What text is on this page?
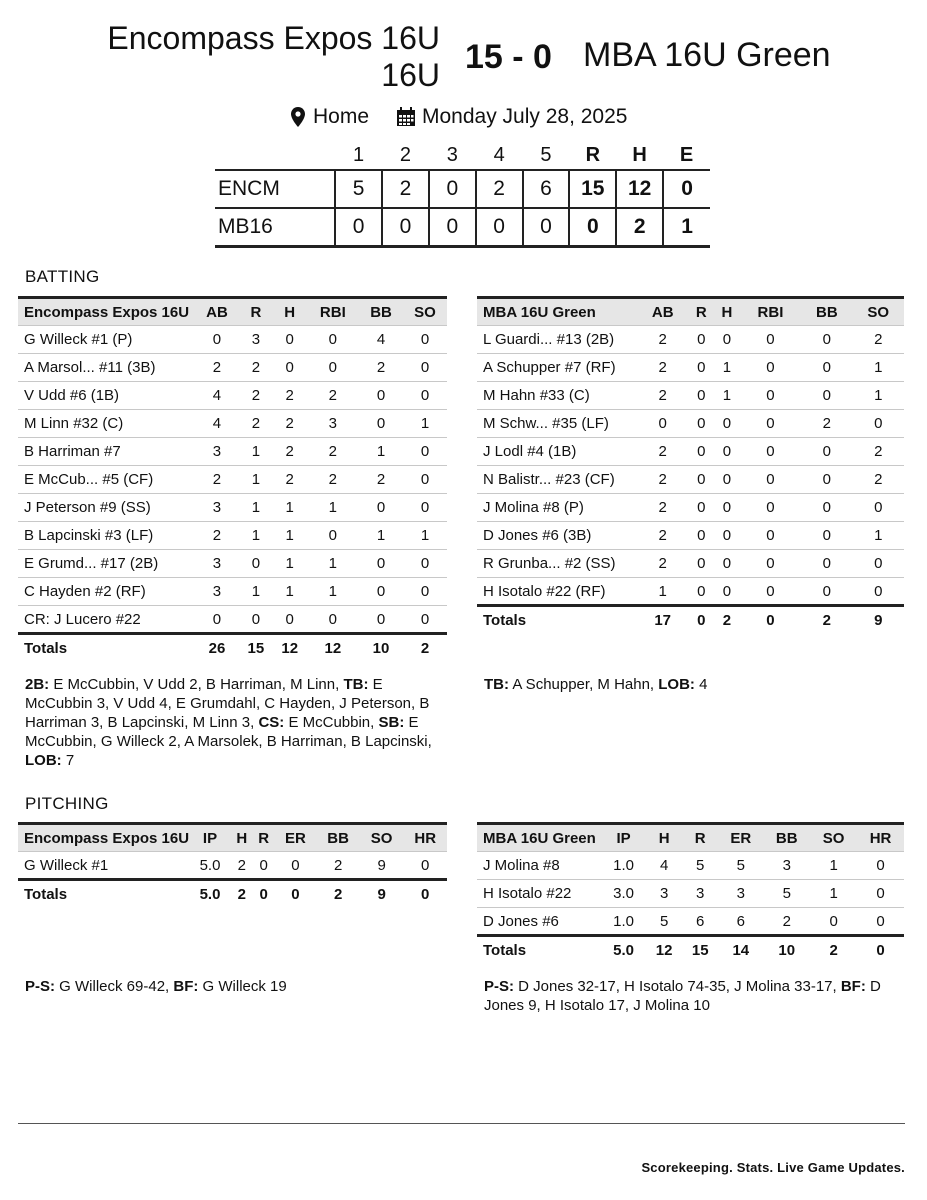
Encompass Expos 16U
16U 15 - 0 MBA 16U Green
Home	Monday July 28, 2025
	1	2	3	4	5	R	H	E
ENCM	5	2	0	2	6	15	12	0
MB16	0	0	0	0	0	0	2	1
BATTING
Encompass Expos 16U	AB	R	H	RBI	BB	SO
G Willeck #1 (P)	0	3	0	0	4	0
A Marsol... #11 (3B)	2	2	0	0	2	0
V Udd #6 (1B)	4	2	2	2	0	0
M Linn #32 (C)	4	2	2	3	0	1
B Harriman #7	3	1	2	2	1	0
E McCub... #5 (CF)	2	1	2	2	2	0
J Peterson #9 (SS)	3	1	1	1	0	0
B Lapcinski #3 (LF)	2	1	1	0	1	1
E Grumd... #17 (2B)	3	0	1	1	0	0
C Hayden #2 (RF)	3	1	1	1	0	0
CR: J Lucero #22	0	0	0	0	0	0
Totals	26	15	12	12	10	2
MBA 16U Green	AB	R	H	RBI	BB	SO
L Guardi... #13 (2B)	2	0	0	0	0	2
A Schupper #7 (RF)	2	0	1	0	0	1
M Hahn #33 (C)	2	0	1	0	0	1
M Schw... #35 (LF)	0	0	0	0	2	0
J Lodl #4 (1B)	2	0	0	0	0	2
N Balistr... #23 (CF)	2	0	0	0	0	2
J Molina #8 (P)	2	0	0	0	0	0
D Jones #6 (3B)	2	0	0	0	0	1
R Grunba... #2 (SS)	2	0	0	0	0	0
H Isotalo #22 (RF)	1	0	0	0	0	0
Totals	17	0	2	0	2	9
2B: E McCubbin, V Udd 2, B Harriman, M Linn, TB: E McCubbin 3, V Udd 4, E Grumdahl, C Hayden, J Peterson, B Harriman 3, B Lapcinski, M Linn 3, CS: E McCubbin, SB: E McCubbin, G Willeck 2, A Marsolek, B Harriman, B Lapcinski, LOB: 7
TB: A Schupper, M Hahn, LOB: 4
PITCHING
Encompass Expos 16U	IP	H	R	ER	BB	SO	HR
G Willeck #1	5.0	2	0	0	2	9	0
Totals	5.0	2	0	0	2	9	0
MBA 16U Green	IP	H	R	ER	BB	SO	HR
J Molina #8	1.0	4	5	5	3	1	0
H Isotalo #22	3.0	3	3	3	5	1	0
D Jones #6	1.0	5	6	6	2	0	0
Totals	5.0	12	15	14	10	2	0
P-S: G Willeck 69-42, BF: G Willeck 19	P-S: D Jones 32-17, H Isotalo 74-35, J Molina 33-17, BF: D Jones 9, H Isotalo 17, J Molina 10
Scorekeeping. Stats. Live Game Updates.
